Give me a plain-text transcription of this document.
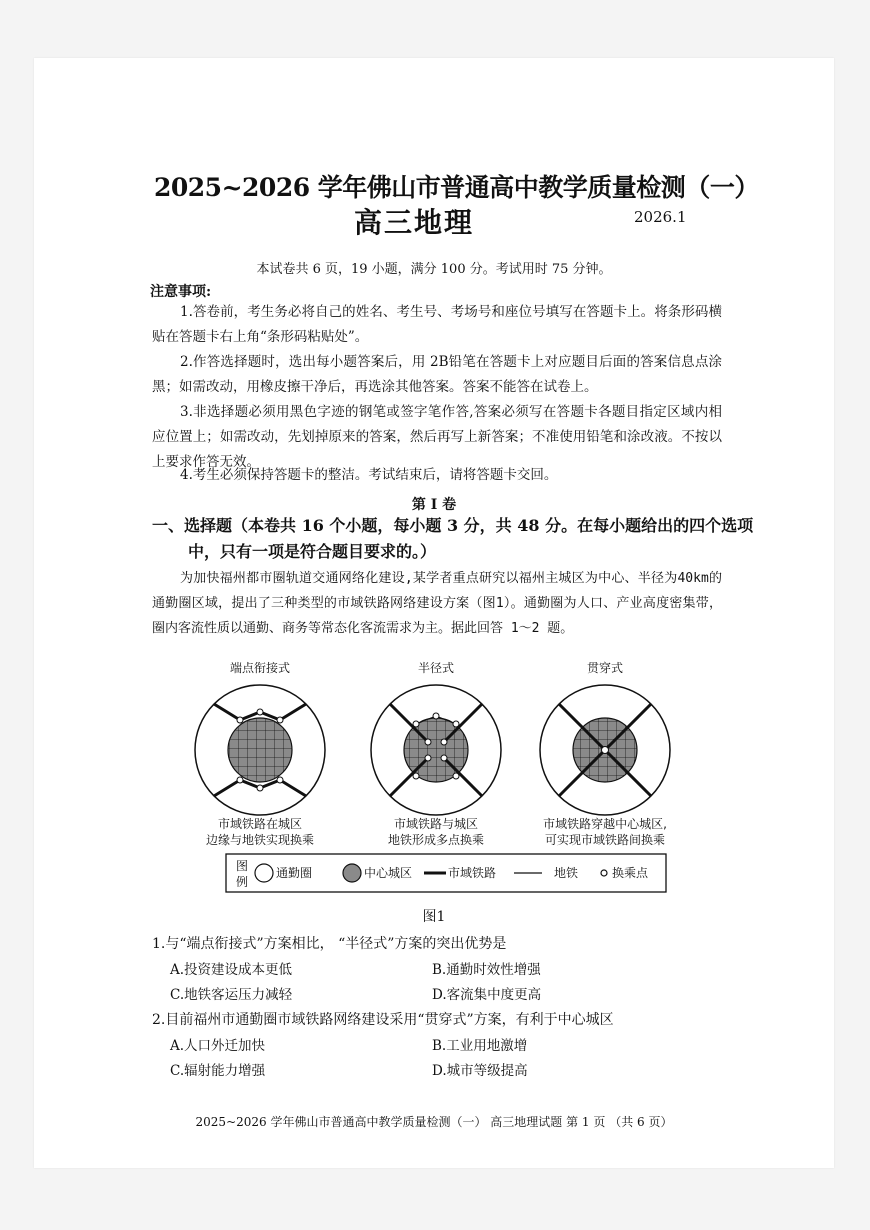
2025~2026 学年佛山市普通高中教学质量检测（一）
高三地理	2026.1
本试卷共 6 页，19 小题，满分 100 分。考试用时 75 分钟。
注意事项:
1.答卷前，考生务必将自己的姓名、考生号、考场号和座位号填写在答题卡上。将条形码横贴在答题卡右上角“条形码粘贴处”。
2.作答选择题时，选出每小题答案后，用 2B铅笔在答题卡上对应题目后面的答案信息点涂黑；如需改动，用橡皮擦干净后，再选涂其他答案。答案不能答在试卷上。
3.非选择题必须用黑色字迹的钢笔或签字笔作答,答案必须写在答题卡各题目指定区域内相应位置上；如需改动，先划掉原来的答案，然后再写上新答案；不准使用铅笔和涂改液。不按以上要求作答无效。
4.考生必须保持答题卡的整洁。考试结束后，请将答题卡交回。
第 I 卷
一、选择题（本卷共 16 个小题，每小题 3 分，共 48 分。在每小题给出的四个选项中，只有一项是符合题目要求的。）
为加快福州都市圈轨道交通网络化建设,某学者重点研究以福州主城区为中心、半径为40km的通勤圈区域，提出了三种类型的市域铁路网络建设方案（图1）。通勤圈为人口、产业高度密集带，圈内客流性质以通勤、商务等常态化客流需求为主。据此回答 1～2 题。
端点衔接式
市域铁路在城区
边缘与地铁实现换乘
半径式
市域铁路与城区
地铁形成多点换乘
贯穿式
市域铁路穿越中心城区,
可实现市域铁路间换乘
图
例
通勤圈	中心城区	市域铁路	地铁	换乘点
图1
1.与“端点衔接式”方案相比， “半径式”方案的突出优势是
A.投资建设成本更低	B.通勤时效性增强
C.地铁客运压力减轻	D.客流集中度更高
2.目前福州市通勤圈市域铁路网络建设采用“贯穿式”方案，有利于中心城区
A.人口外迁加快	B.工业用地激增
C.辐射能力增强	D.城市等级提高
2025~2026 学年佛山市普通高中教学质量检测（一） 高三地理试题 第 1 页 （共 6 页）
